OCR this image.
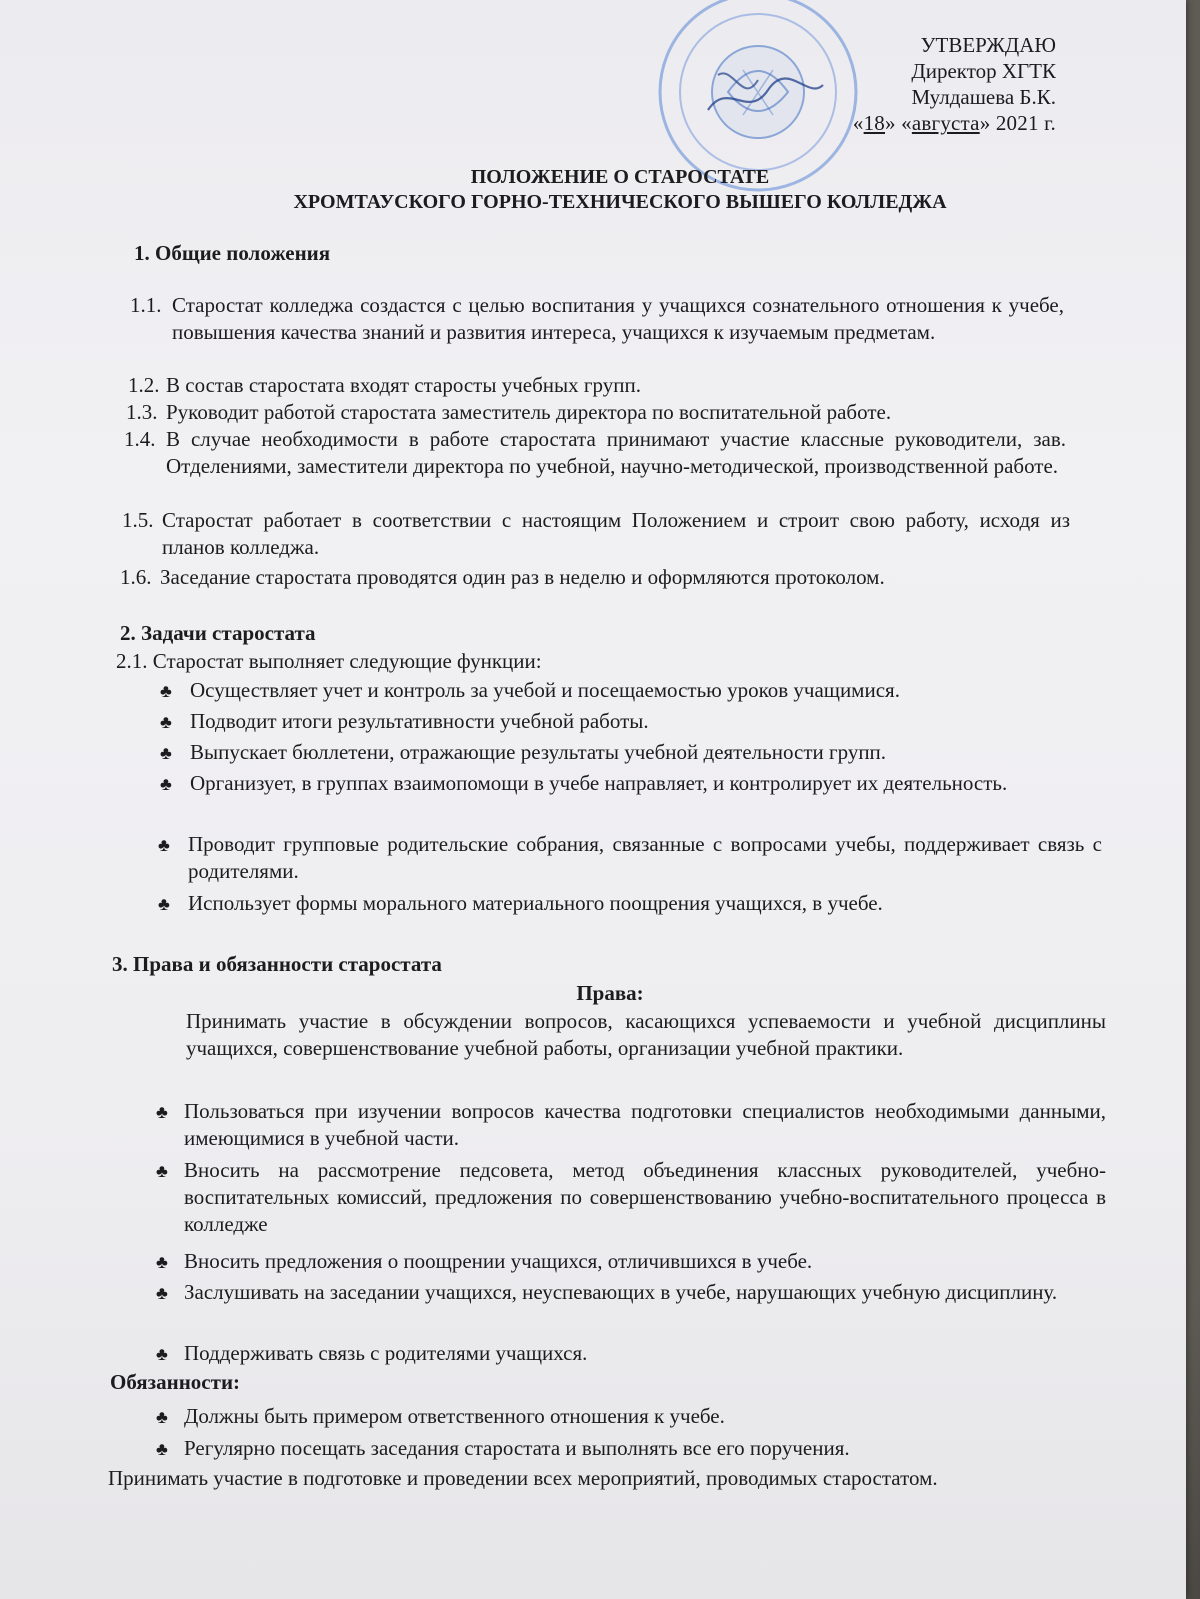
УТВЕРЖДАЮ
Директор ХГТК
Мулдашева Б.К.
«18» «августа» 2021 г.
ПОЛОЖЕНИЕ О СТАРОСТАТЕ
ХРОМТАУСКОГО ГОРНО-ТЕХНИЧЕСКОГО ВЫШЕГО КОЛЛЕДЖА
1. Общие положения
1.1. Старостат колледжа создастся с целью воспитания у учащихся сознательного отношения к учебе, повышения качества знаний и развития интереса, учащихся к изучаемым предметам.
1.2. В состав старостата входят старосты учебных групп.
1.3. Руководит работой старостата заместитель директора по воспитательной работе.
1.4. В случае необходимости в работе старостата принимают участие классные руководители, зав. Отделениями, заместители директора по учебной, научно-методической, производственной работе.
1.5. Старостат работает в соответствии с настоящим Положением и строит свою работу, исходя из планов колледжа.
1.6. Заседание старостата проводятся один раз в неделю и оформляются протоколом.
2. Задачи старостата
2.1. Старостат выполняет следующие функции:
♣ Осуществляет учет и контроль за учебой и посещаемостью уроков учащимися.
♣ Подводит итоги результативности учебной работы.
♣ Выпускает бюллетени, отражающие результаты учебной деятельности групп.
♣ Организует, в группах взаимопомощи в учебе направляет, и контролирует их деятельность.
♣ Проводит групповые родительские собрания, связанные с вопросами учебы, поддерживает связь с родителями.
♣ Использует формы морального материального поощрения учащихся, в учебе.
3. Права и обязанности старостата
Права:
Принимать участие в обсуждении вопросов, касающихся успеваемости и учебной дисциплины учащихся, совершенствование учебной работы, организации учебной практики.
♣ Пользоваться при изучении вопросов качества подготовки специалистов необходимыми данными, имеющимися в учебной части.
♣ Вносить на рассмотрение педсовета, метод объединения классных руководителей, учебно-воспитательных комиссий, предложения по совершенствованию учебно-воспитательного процесса в колледже
♣ Вносить предложения о поощрении учащихся, отличившихся в учебе.
♣ Заслушивать на заседании учащихся, неуспевающих в учебе, нарушающих учебную дисциплину.
♣ Поддерживать связь с родителями учащихся.
Обязанности:
♣ Должны быть примером ответственного отношения к учебе.
♣ Регулярно посещать заседания старостата и выполнять все его поручения.
Принимать участие в подготовке и проведении всех мероприятий, проводимых старостатом.
